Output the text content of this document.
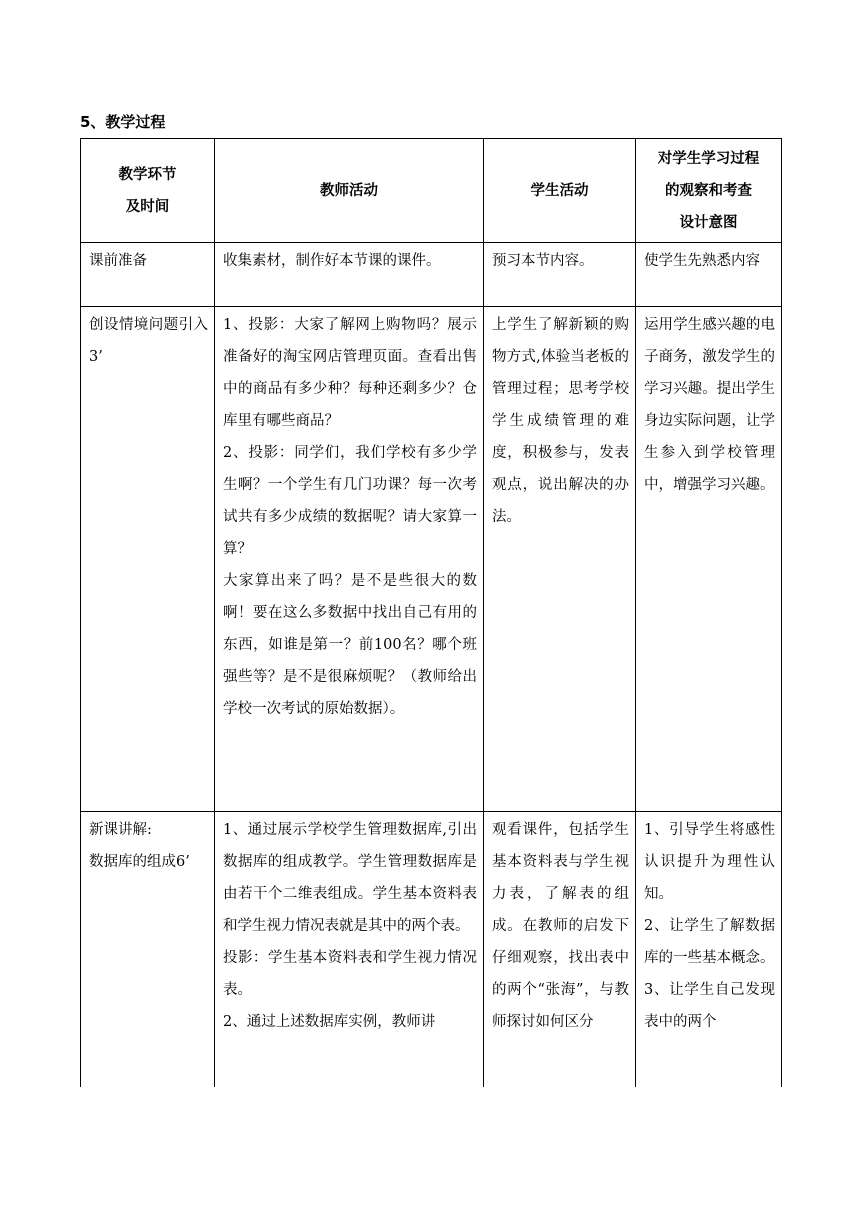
5、教学过程
教学环节
及时间	教师活动	学生活动	对学生学习过程
的观察和考查
设计意图

课前准备	收集素材，制作好本节课的课件。	预习本节内容。	使学生先熟悉内容

创设情境问题引入3’	1、投影：大家了解网上购物吗？展示准备好的淘宝网店管理页面。查看出售中的商品有多少种？每种还剩多少？仓库里有哪些商品？
2、投影：同学们，我们学校有多少学生啊？一个学生有几门功课？每一次考试共有多少成绩的数据呢？请大家算一算？
大家算出来了吗？是不是些很大的数啊！要在这么多数据中找出自己有用的东西，如谁是第一？前100名？哪个班强些等？是不是很麻烦呢？（教师给出学校一次考试的原始数据）。	上学生了解新颖的购物方式,体验当老板的管理过程；思考学校学生成绩管理的难度，积极参与，发表观点，说出解决的办法。	运用学生感兴趣的电子商务，激发学生的学习兴趣。提出学生身边实际问题，让学生参入到学校管理中，增强学习兴趣。

新课讲解:
数据库的组成6’	1、通过展示学校学生管理数据库,引出数据库的组成教学。学生管理数据库是由若干个二维表组成。学生基本资料表和学生视力情况表就是其中的两个表。
投影：学生基本资料表和学生视力情况表。
2、通过上述数据库实例，教师讲	观看课件，包括学生基本资料表与学生视力表，了解表的组成。在教师的启发下仔细观察，找出表中的两个“张海”，与教师探讨如何区分	1、引导学生将感性认识提升为理性认知。
2、让学生了解数据库的一些基本概念。
3、让学生自己发现表中的两个
